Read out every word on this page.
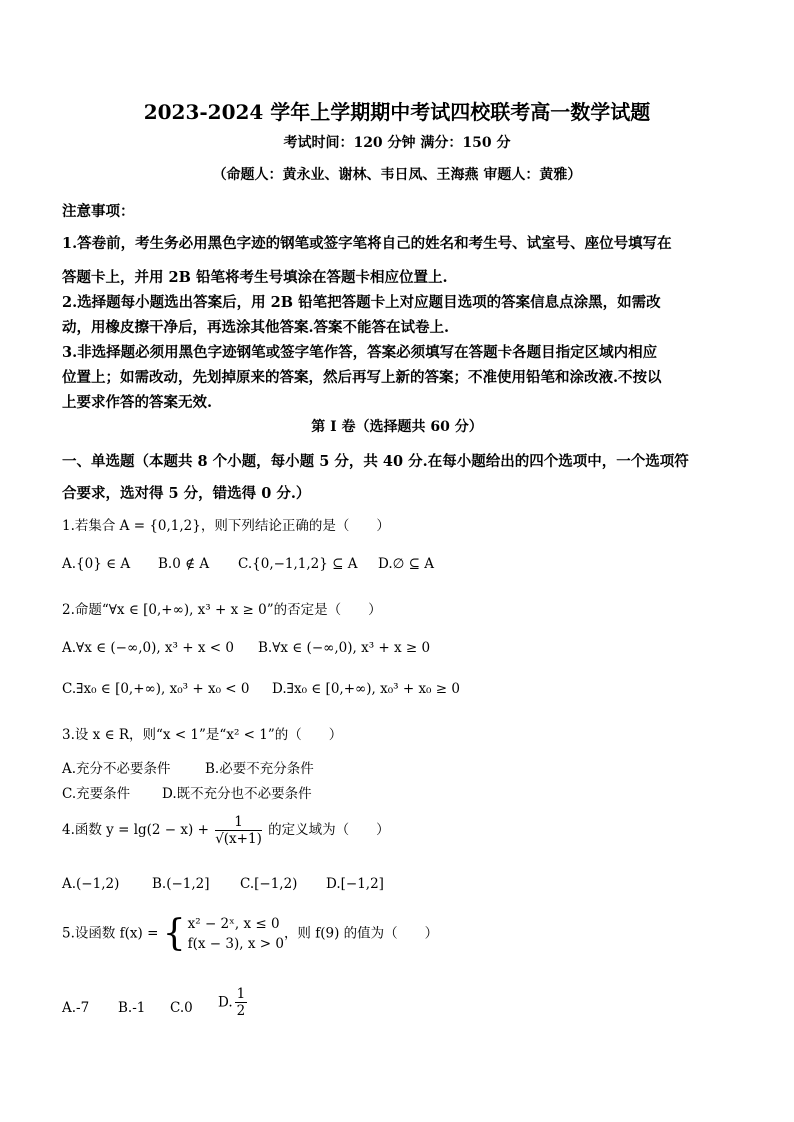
2023-2024 学年上学期期中考试四校联考高一数学试题
考试时间：120 分钟 满分：150 分
（命题人：黄永业、谢林、韦日凤、王海燕 审题人：黄雅）
注意事项：
1.答卷前，考生务必用黑色字迹的钢笔或签字笔将自己的姓名和考生号、试室号、座位号填写在
答题卡上，并用 2B 铅笔将考生号填涂在答题卡相应位置上.
2.选择题每小题选出答案后，用 2B 铅笔把答题卡上对应题目选项的答案信息点涂黑，如需改
动，用橡皮擦干净后，再选涂其他答案.答案不能答在试卷上.
3.非选择题必须用黑色字迹钢笔或签字笔作答，答案必须填写在答题卡各题目指定区域内相应
位置上；如需改动，先划掉原来的答案，然后再写上新的答案；不准使用铅笔和涂改液.不按以
上要求作答的答案无效.
第 I 卷（选择题共 60 分）
一、单选题（本题共 8 个小题，每小题 5 分，共 40 分.在每小题给出的四个选项中，一个选项符
合要求，选对得 5 分，错选得 0 分.）
1.若集合 A = {0,1,2}，则下列结论正确的是（　　）
A.{0} ∈ A B.0 ∉ A C.{0,−1,1,2} ⊆ A D.∅ ⊆ A
2.命题“∀x ∈ [0,+∞), x³ + x ≥ 0”的否定是（　　）
A.∀x ∈ (−∞,0), x³ + x < 0 B.∀x ∈ (−∞,0), x³ + x ≥ 0
C.∃x₀ ∈ [0,+∞), x₀³ + x₀ < 0 D.∃x₀ ∈ [0,+∞), x₀³ + x₀ ≥ 0
3.设 x ∈ R，则“x < 1”是“x² < 1”的（　　）
A.充分不必要条件	B.必要不充分条件
C.充要条件 D.既不充分也不必要条件
4.函数 $y = \lg(2 - x) + \frac{1}{√(x+1)}$ 的定义域为（　　）
A.(−1,2) B.(−1,2] C.[−1,2) D.[−1,2]
5.设函数 f(x) = { x² − 2ˣ, x ≤ 0
f(x − 3), x > 0
，则 f(9) 的值为（　　）
A.-7 B.-1 C.0 D. $\frac{1}{2}$
